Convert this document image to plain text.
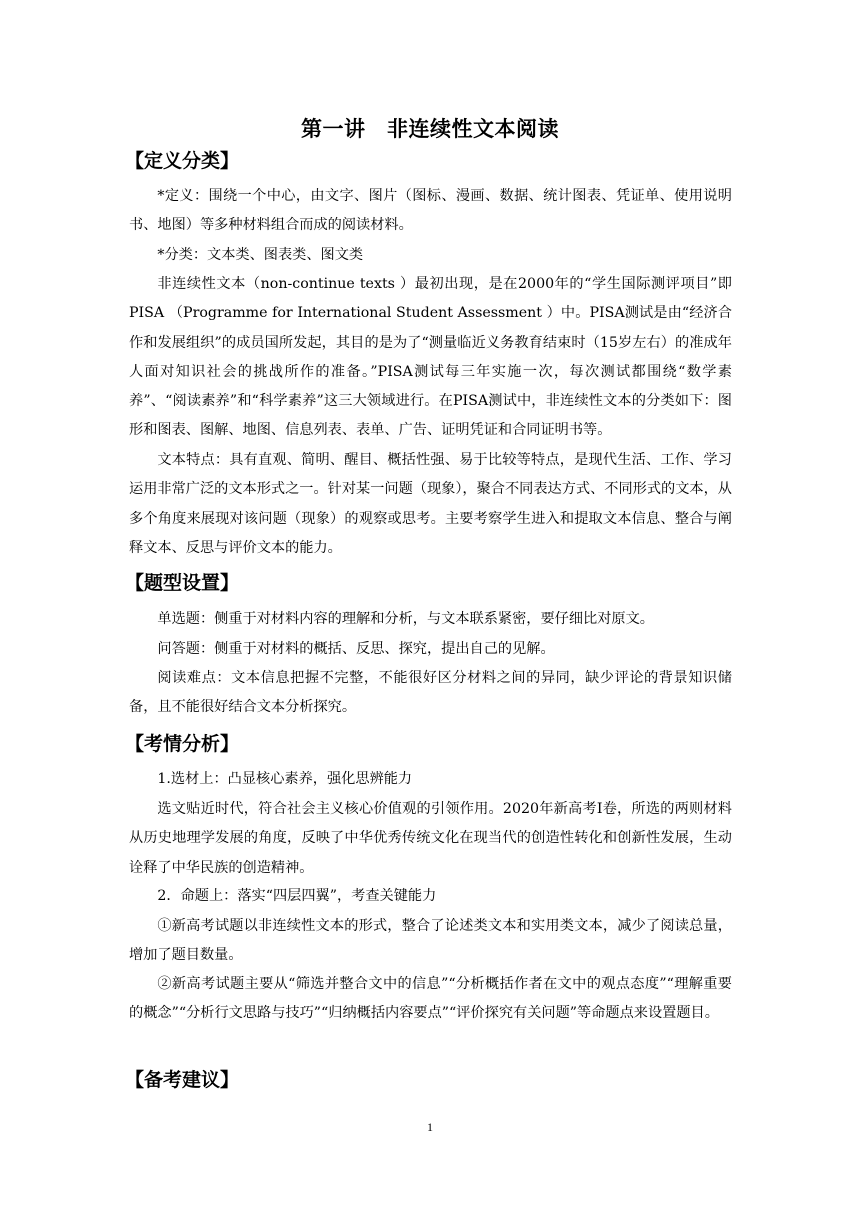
第一讲　非连续性文本阅读
【定义分类】

*定义：围绕一个中心，由文字、图片（图标、漫画、数据、统计图表、凭证单、使用说明书、地图）等多种材料组合而成的阅读材料。

*分类：文本类、图表类、图文类

非连续性文本（non-continue texts ）最初出现，是在2000年的“学生国际测评项目”即PISA （Programme for International Student Assessment ）中。PISA测试是由“经济合作和发展组织”的成员国所发起，其目的是为了“测量临近义务教育结束时（15岁左右）的准成年人面对知识社会的挑战所作的准备。”PISA测试每三年实施一次，每次测试都围绕“数学素养”、“阅读素养”和“科学素养”这三大领域进行。在PISA测试中，非连续性文本的分类如下：图形和图表、图解、地图、信息列表、表单、广告、证明凭证和合同证明书等。

文本特点：具有直观、简明、醒目、概括性强、易于比较等特点，是现代生活、工作、学习运用非常广泛的文本形式之一。针对某一问题（现象），聚合不同表达方式、不同形式的文本，从多个角度来展现对该问题（现象）的观察或思考。主要考察学生进入和提取文本信息、整合与阐释文本、反思与评价文本的能力。

【题型设置】

单选题：侧重于对材料内容的理解和分析，与文本联系紧密，要仔细比对原文。

问答题：侧重于对材料的概括、反思、探究，提出自己的见解。

阅读难点：文本信息把握不完整，不能很好区分材料之间的异同，缺少评论的背景知识储备，且不能很好结合文本分析探究。

【考情分析】

1.选材上：凸显核心素养，强化思辨能力

选文贴近时代，符合社会主义核心价值观的引领作用。2020年新高考Ⅰ卷，所选的两则材料从历史地理学发展的角度，反映了中华优秀传统文化在现当代的创造性转化和创新性发展，生动诠释了中华民族的创造精神。

2．命题上：落实“四层四翼”，考查关键能力

①新高考试题以非连续性文本的形式，整合了论述类文本和实用类文本，减少了阅读总量，增加了题目数量。

②新高考试题主要从“筛选并整合文中的信息”“分析概括作者在文中的观点态度”“理解重要的概念”“分析行文思路与技巧”“归纳概括内容要点”“评价探究有关问题”等命题点来设置题目。

【备考建议】
1
